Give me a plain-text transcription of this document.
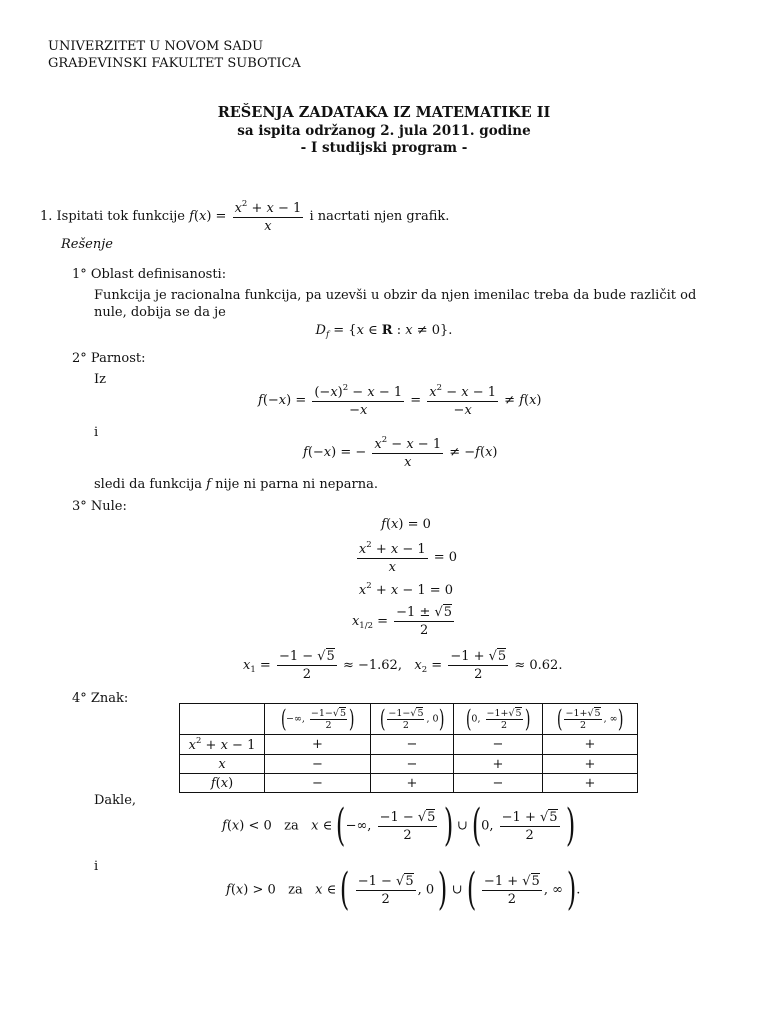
UNIVERZITET U NOVOM SADU
GRAĐEVINSKI FAKULTET SUBOTICA
REŠENJA ZADATAKA IZ MATEMATIKE II
sa ispita održanog 2. jula 2011. godine
- I studijski program -
1. Ispitati tok funkcije $f(x) = \frac{x^2 + x - 1}{x}$ i nacrtati njen grafik.
Rešenje
1° Oblast definisanosti:
Funkcija je racionalna funkcija, pa uzevši u obzir da njen imenilac treba da bude različit od
nule, dobija se da je
$D_f = \{x$ ∈ R : x ≠ 0}.
2° Parnost:
Iz
$f(-x) = \frac{(-x)^2 - x - 1}{-x} = \frac{x^2 - x - 1}{-x} \ne f(x)$
i
f(−x) = − $\frac{x^2 - x - 1}{x} \ne -f(x)$
sledi da funkcija f nije ni parna ni neparna.
3° Nule:
f(x) = 0
$\frac{x^2 + x - 1}{x} = 0$
$x^2 + x - 1 = 0$
$x_{1/2} = \frac{-1 \pm √5}{2}$
$x_1 = \frac{-1 - √5}{2} \approx -1.62$, $x_2 = \frac{-1 + √5}{2} \approx 0.62$.
4° Znak:
	(−∞, $\frac{-1-√5}{2}$ )	( $\frac{-1-√5}{2}$ , 0)	(0, $\frac{-1+√5}{2}$ )	( $\frac{-1+√5}{2}$ , ∞)
$x^2 + x - 1$	+	−	−	+
x	−	−	+	+
f(x)	−	+	−	+
Dakle,
f(x) < 0   za x ∈ (−∞, $\frac{-1 - √5}{2}$ ) ∪ (0, $\frac{-1 + √5}{2}$ )
i
f(x) > 0   za x ∈ ( $\frac{-1 - √5}{2}$ , 0 ) ∪ ( $\frac{-1 + √5}{2}$ , ∞ ).
